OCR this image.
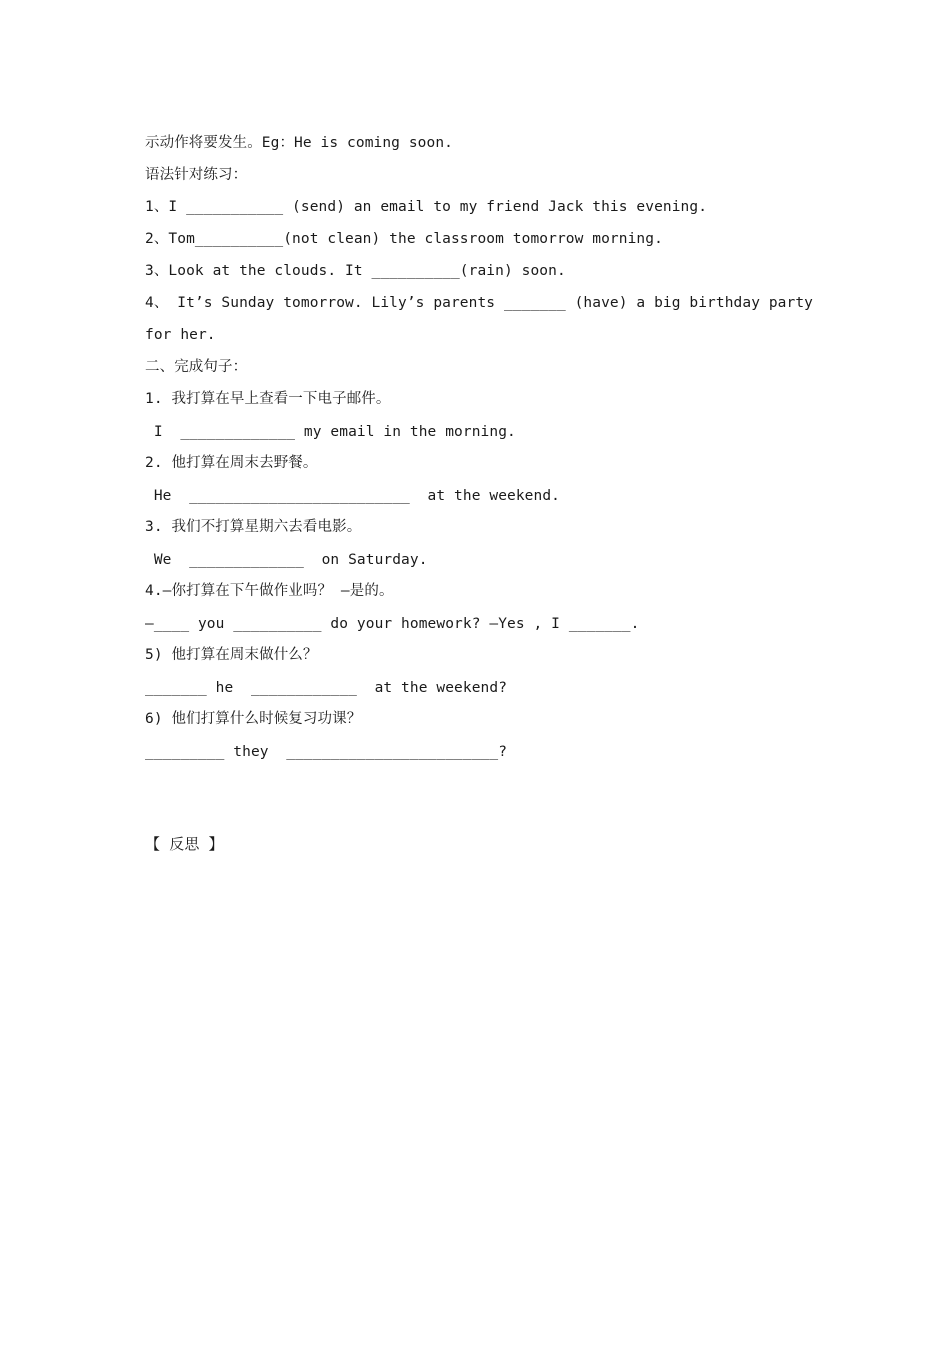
示动作将要发生。Eg：He is coming soon.
语法针对练习：
1、I ___________ (send) an email to my friend Jack this evening.
2、Tom__________(not clean) the classroom tomorrow morning.
3、Look at the clouds. It __________(rain) soon.
4、 It’s Sunday tomorrow. Lily’s parents _______ (have) a big birthday party
for her.
二、完成句子：
1. 我打算在早上查看一下电子邮件。
I  _____________ my email in the morning.
2. 他打算在周末去野餐。
He  _________________________  at the weekend.
3. 我们不打算星期六去看电影。
We  _____________  on Saturday.
4.—你打算在下午做作业吗？ —是的。
—____ you __________ do your homework? —Yes , I _______.
5) 他打算在周末做什么？
_______ he  ____________  at the weekend?
6) 他们打算什么时候复习功课？
_________ they  ________________________?
【 反思 】
